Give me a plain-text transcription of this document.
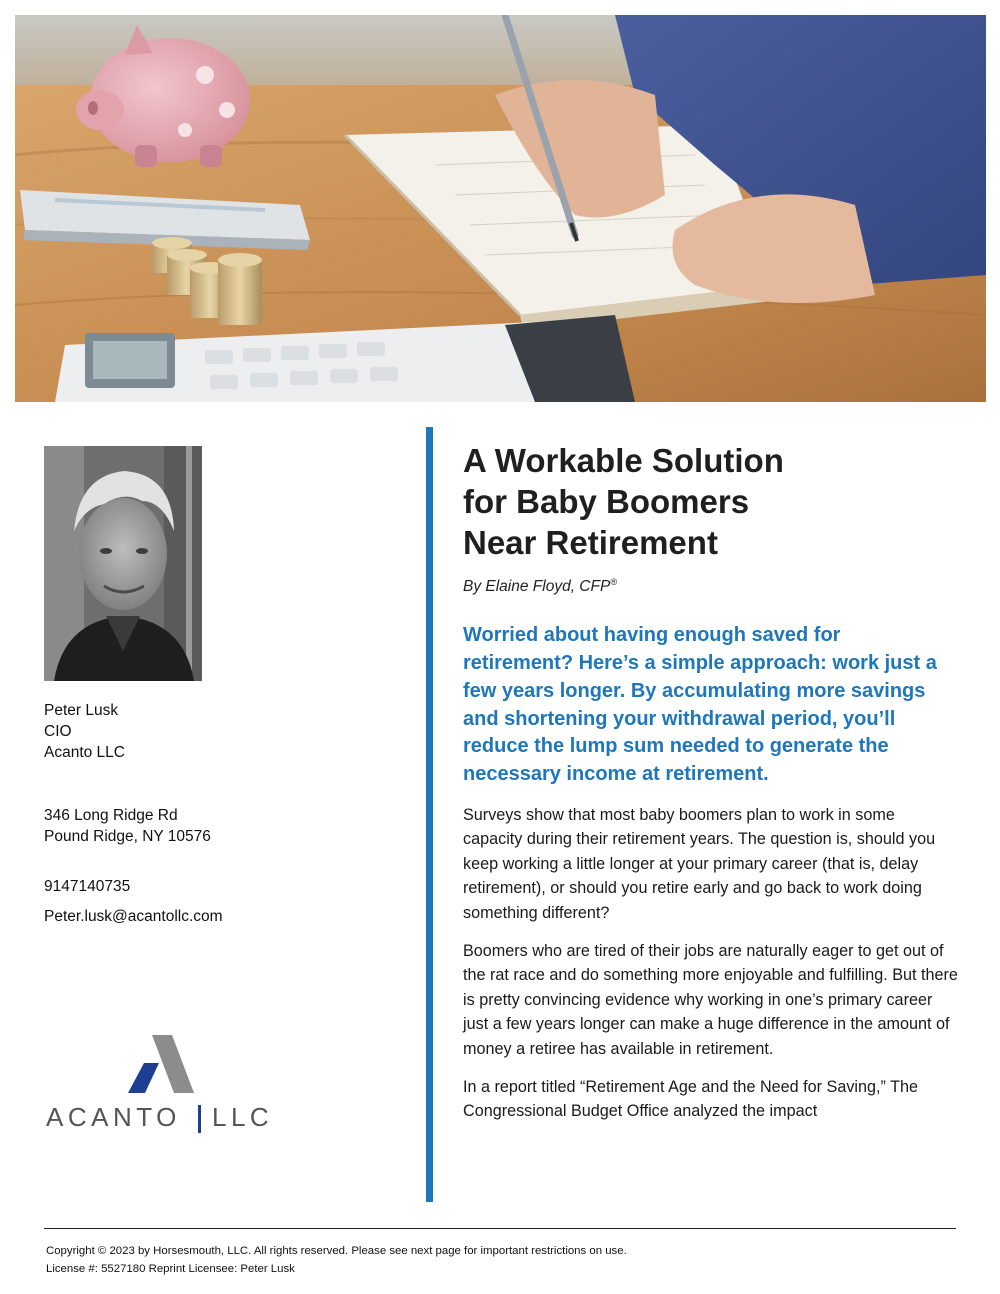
Peter Lusk
CIO
Acanto LLC
346 Long Ridge Rd
Pound Ridge, NY 10576
9147140735
Peter.lusk@acantollc.com
ACANTO LLC
A Workable Solution
for Baby Boomers
Near Retirement
By Elaine Floyd, CFP®
Worried about having enough saved for retirement? Here’s a simple approach: work just a few years longer. By accumulating more savings and shortening your withdrawal period, you’ll reduce the lump sum needed to generate the necessary income at retirement.
Surveys show that most baby boomers plan to work in some capacity during their retirement years. The question is, should you keep working a little longer at your primary career (that is, delay retirement), or should you retire early and go back to work doing something different?
Boomers who are tired of their jobs are naturally eager to get out of the rat race and do something more enjoyable and fulfilling. But there is pretty convincing evidence why working in one’s primary career just a few years longer can make a huge difference in the amount of money a retiree has available in retirement.
In a report titled “Retirement Age and the Need for Saving,” The Congressional Budget Office analyzed the impact
Copyright © 2023 by Horsesmouth, LLC. All rights reserved. Please see next page for important restrictions on use.
License #: 5527180 Reprint Licensee: Peter Lusk
